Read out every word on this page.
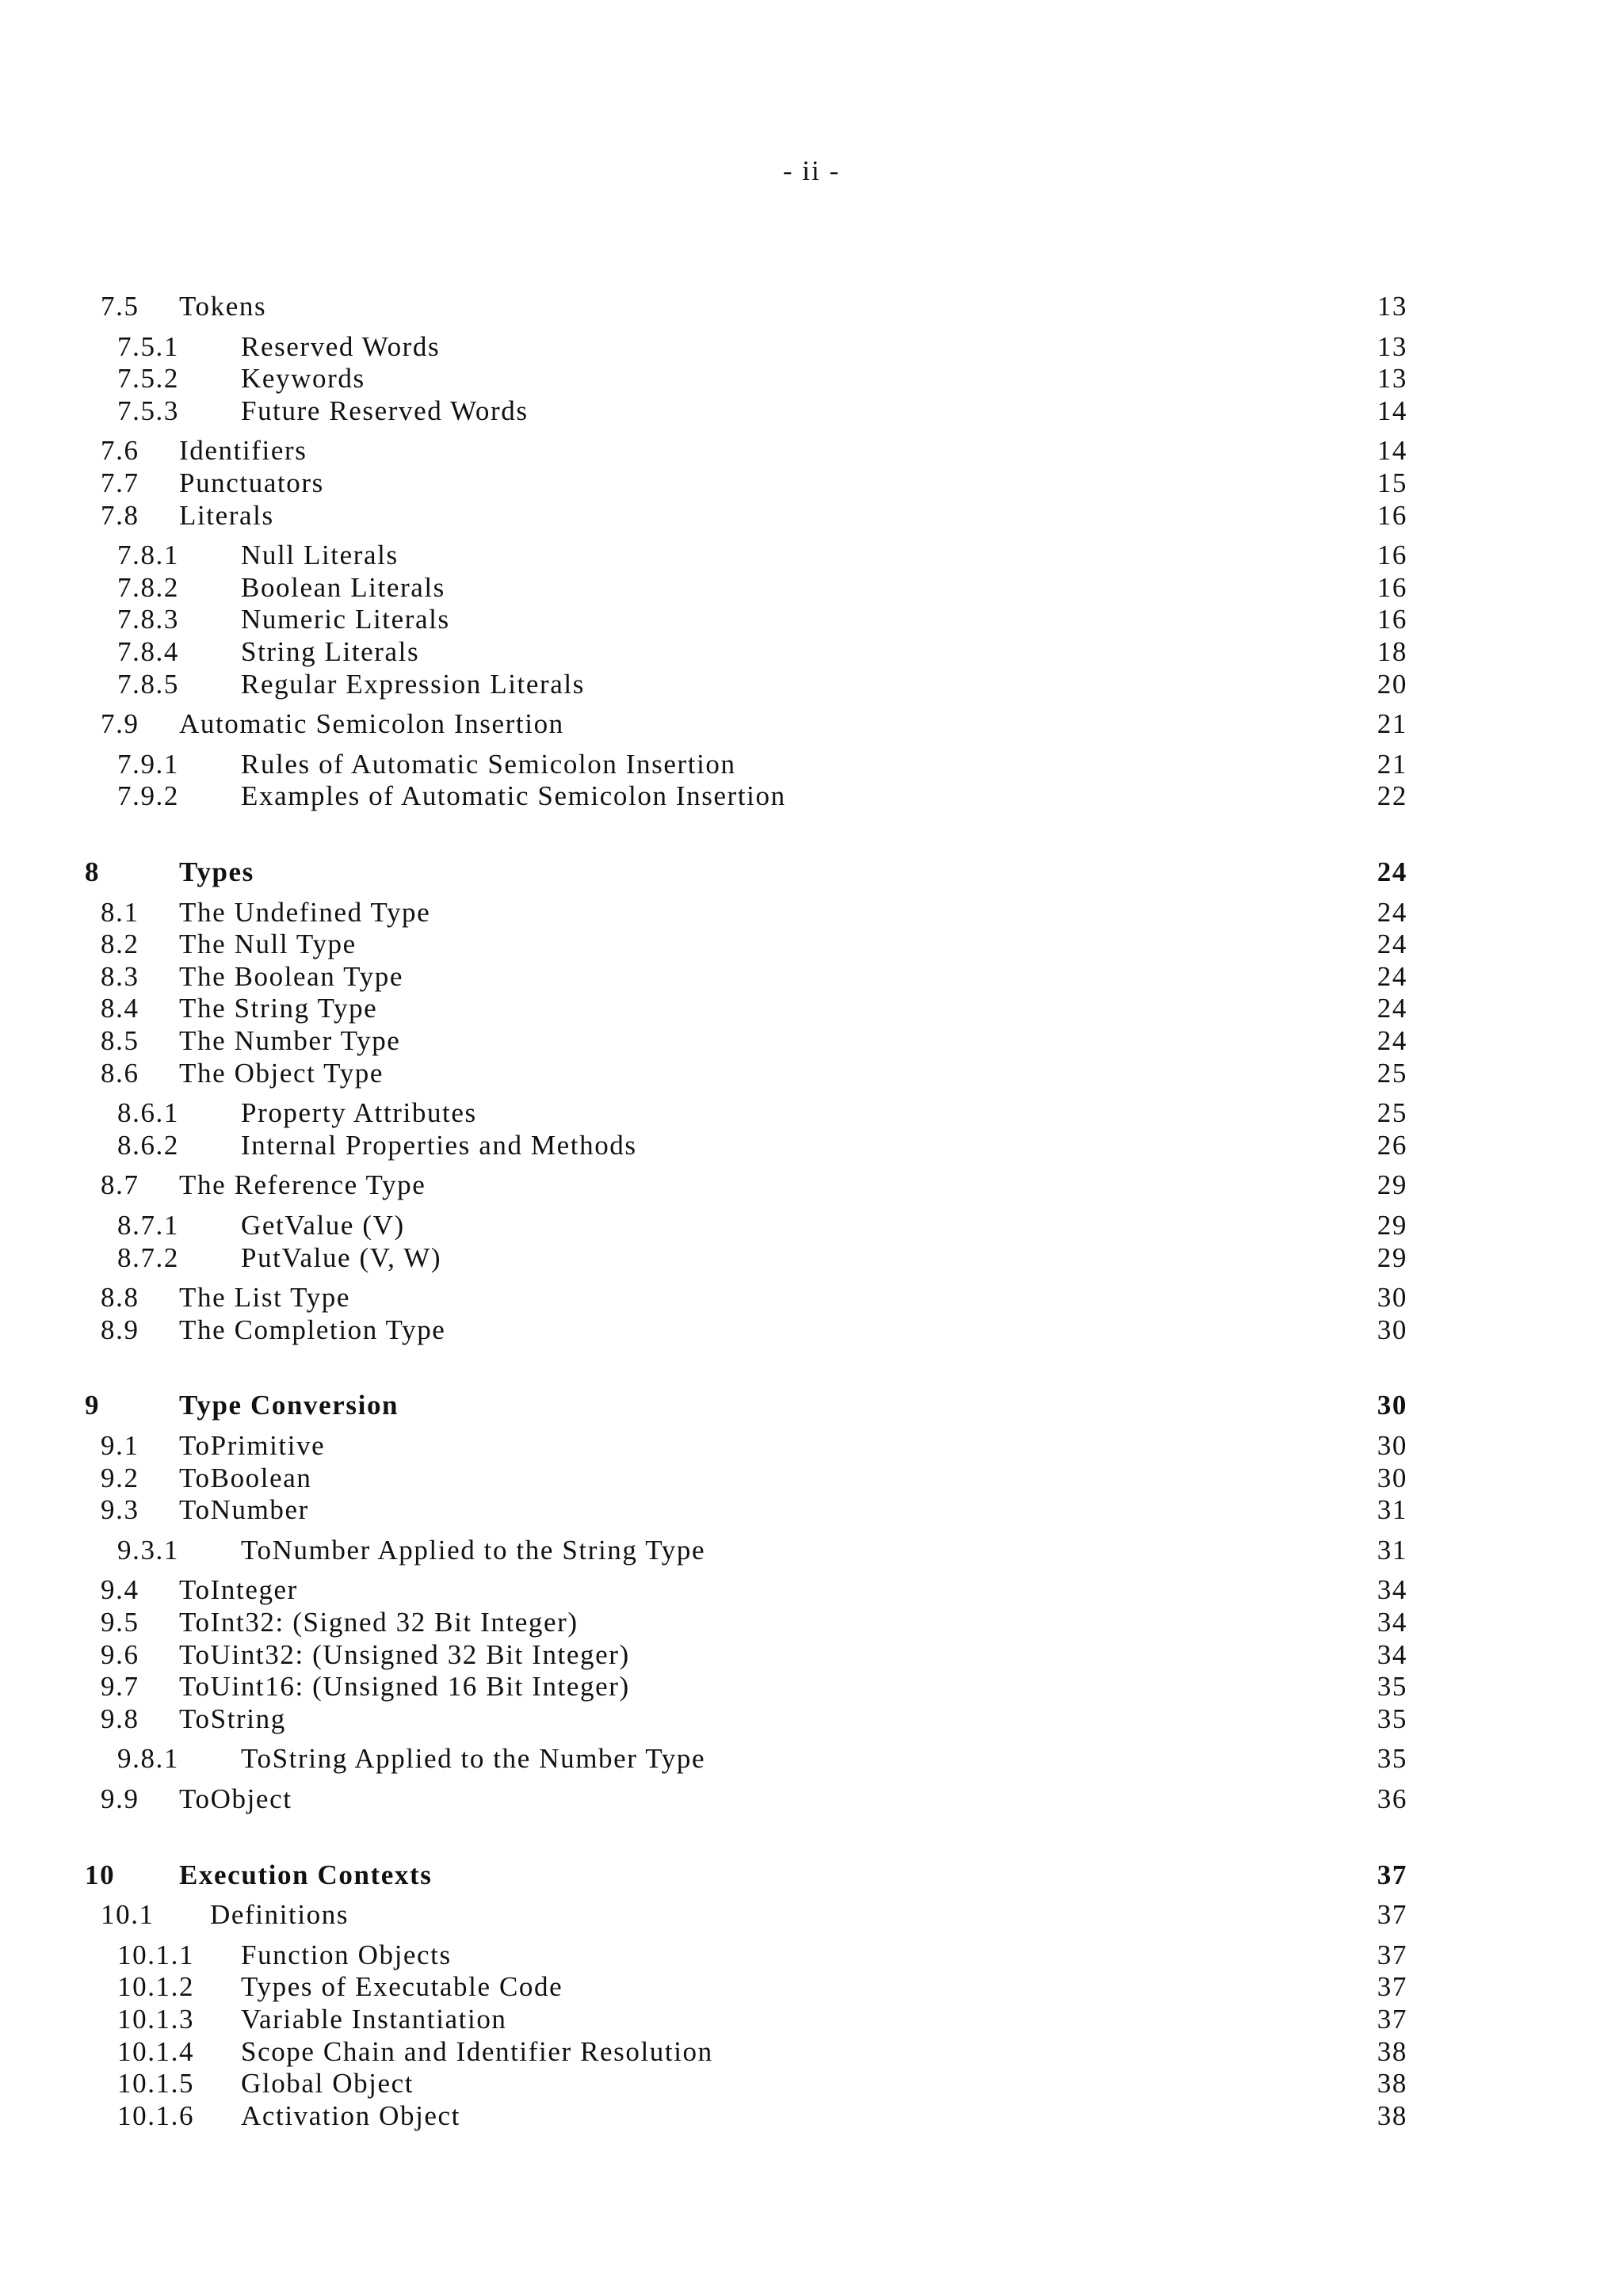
- ii -
7.5 Tokens	13
7.5.1 Reserved Words	13
7.5.2 Keywords	13
7.5.3 Future Reserved Words	14
7.6 Identifiers	14
7.7 Punctuators	15
7.8 Literals	16
7.8.1 Null Literals	16
7.8.2 Boolean Literals	16
7.8.3 Numeric Literals	16
7.8.4 String Literals	18
7.8.5 Regular Expression Literals	20
7.9 Automatic Semicolon Insertion	21
7.9.1 Rules of Automatic Semicolon Insertion	21
7.9.2 Examples of Automatic Semicolon Insertion	22
8	Types	24
8.1 The Undefined Type	24
8.2 The Null Type	24
8.3 The Boolean Type	24
8.4 The String Type	24
8.5 The Number Type	24
8.6 The Object Type	25
8.6.1 Property Attributes	25
8.6.2 Internal Properties and Methods	26
8.7 The Reference Type	29
8.7.1 GetValue (V)	29
8.7.2 PutValue (V, W)	29
8.8 The List Type	30
8.9 The Completion Type	30
9	Type Conversion	30
9.1 ToPrimitive	30
9.2 ToBoolean	30
9.3 ToNumber	31
9.3.1 ToNumber Applied to the String Type	31
9.4 ToInteger	34
9.5 ToInt32: (Signed 32 Bit Integer)	34
9.6 ToUint32: (Unsigned 32 Bit Integer)	34
9.7 ToUint16: (Unsigned 16 Bit Integer)	35
9.8 ToString	35
9.8.1 ToString Applied to the Number Type	35
9.9 ToObject	36
10 Execution Contexts	37
10.1 Definitions	37
10.1.1 Function Objects	37
10.1.2 Types of Executable Code	37
10.1.3 Variable Instantiation	37
10.1.4 Scope Chain and Identifier Resolution	38
10.1.5 Global Object	38
10.1.6 Activation Object	38
